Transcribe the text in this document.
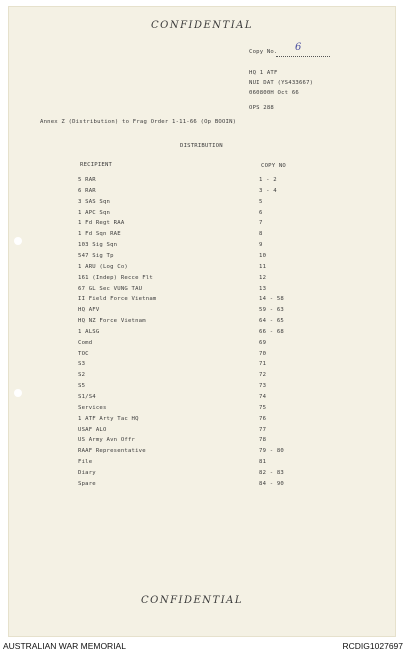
CONFIDENTIAL
Copy No. 6
HQ 1 ATF
NUI DAT (YS433667)
060800H Oct 66
OPS 288
Annex Z (Distribution) to Frag Order 1-11-66 (Op BOOIN)
DISTRIBUTION
RECIPIENT	COPY NO
5 RAR	1 - 2
6 RAR	3 - 4
3 SAS Sqn	5
1 APC Sqn	6
1 Fd Regt RAA	7
1 Fd Sqn RAE	8
103 Sig Sqn	9
547 Sig Tp	10
1 ARU (Log Co)	11
161 (Indep) Recce Flt	12
67 GL Sec VUNG TAU	13
II Field Force Vietnam	14 - 58
HQ AFV	59 - 63
HQ NZ Force Vietnam	64 - 65
1 ALSG	66 - 68
Comd	69
TOC	70
S3	71
S2	72
S5	73
S1/S4	74
Services	75
1 ATF Arty Tac HQ	76
USAF ALO	77
US Army Avn Offr	78
RAAF Representative	79 - 80
File	81
Diary	82 - 83
Spare	84 - 90
CONFIDENTIAL
AUSTRALIAN WAR MEMORIAL	RCDIG1027697
